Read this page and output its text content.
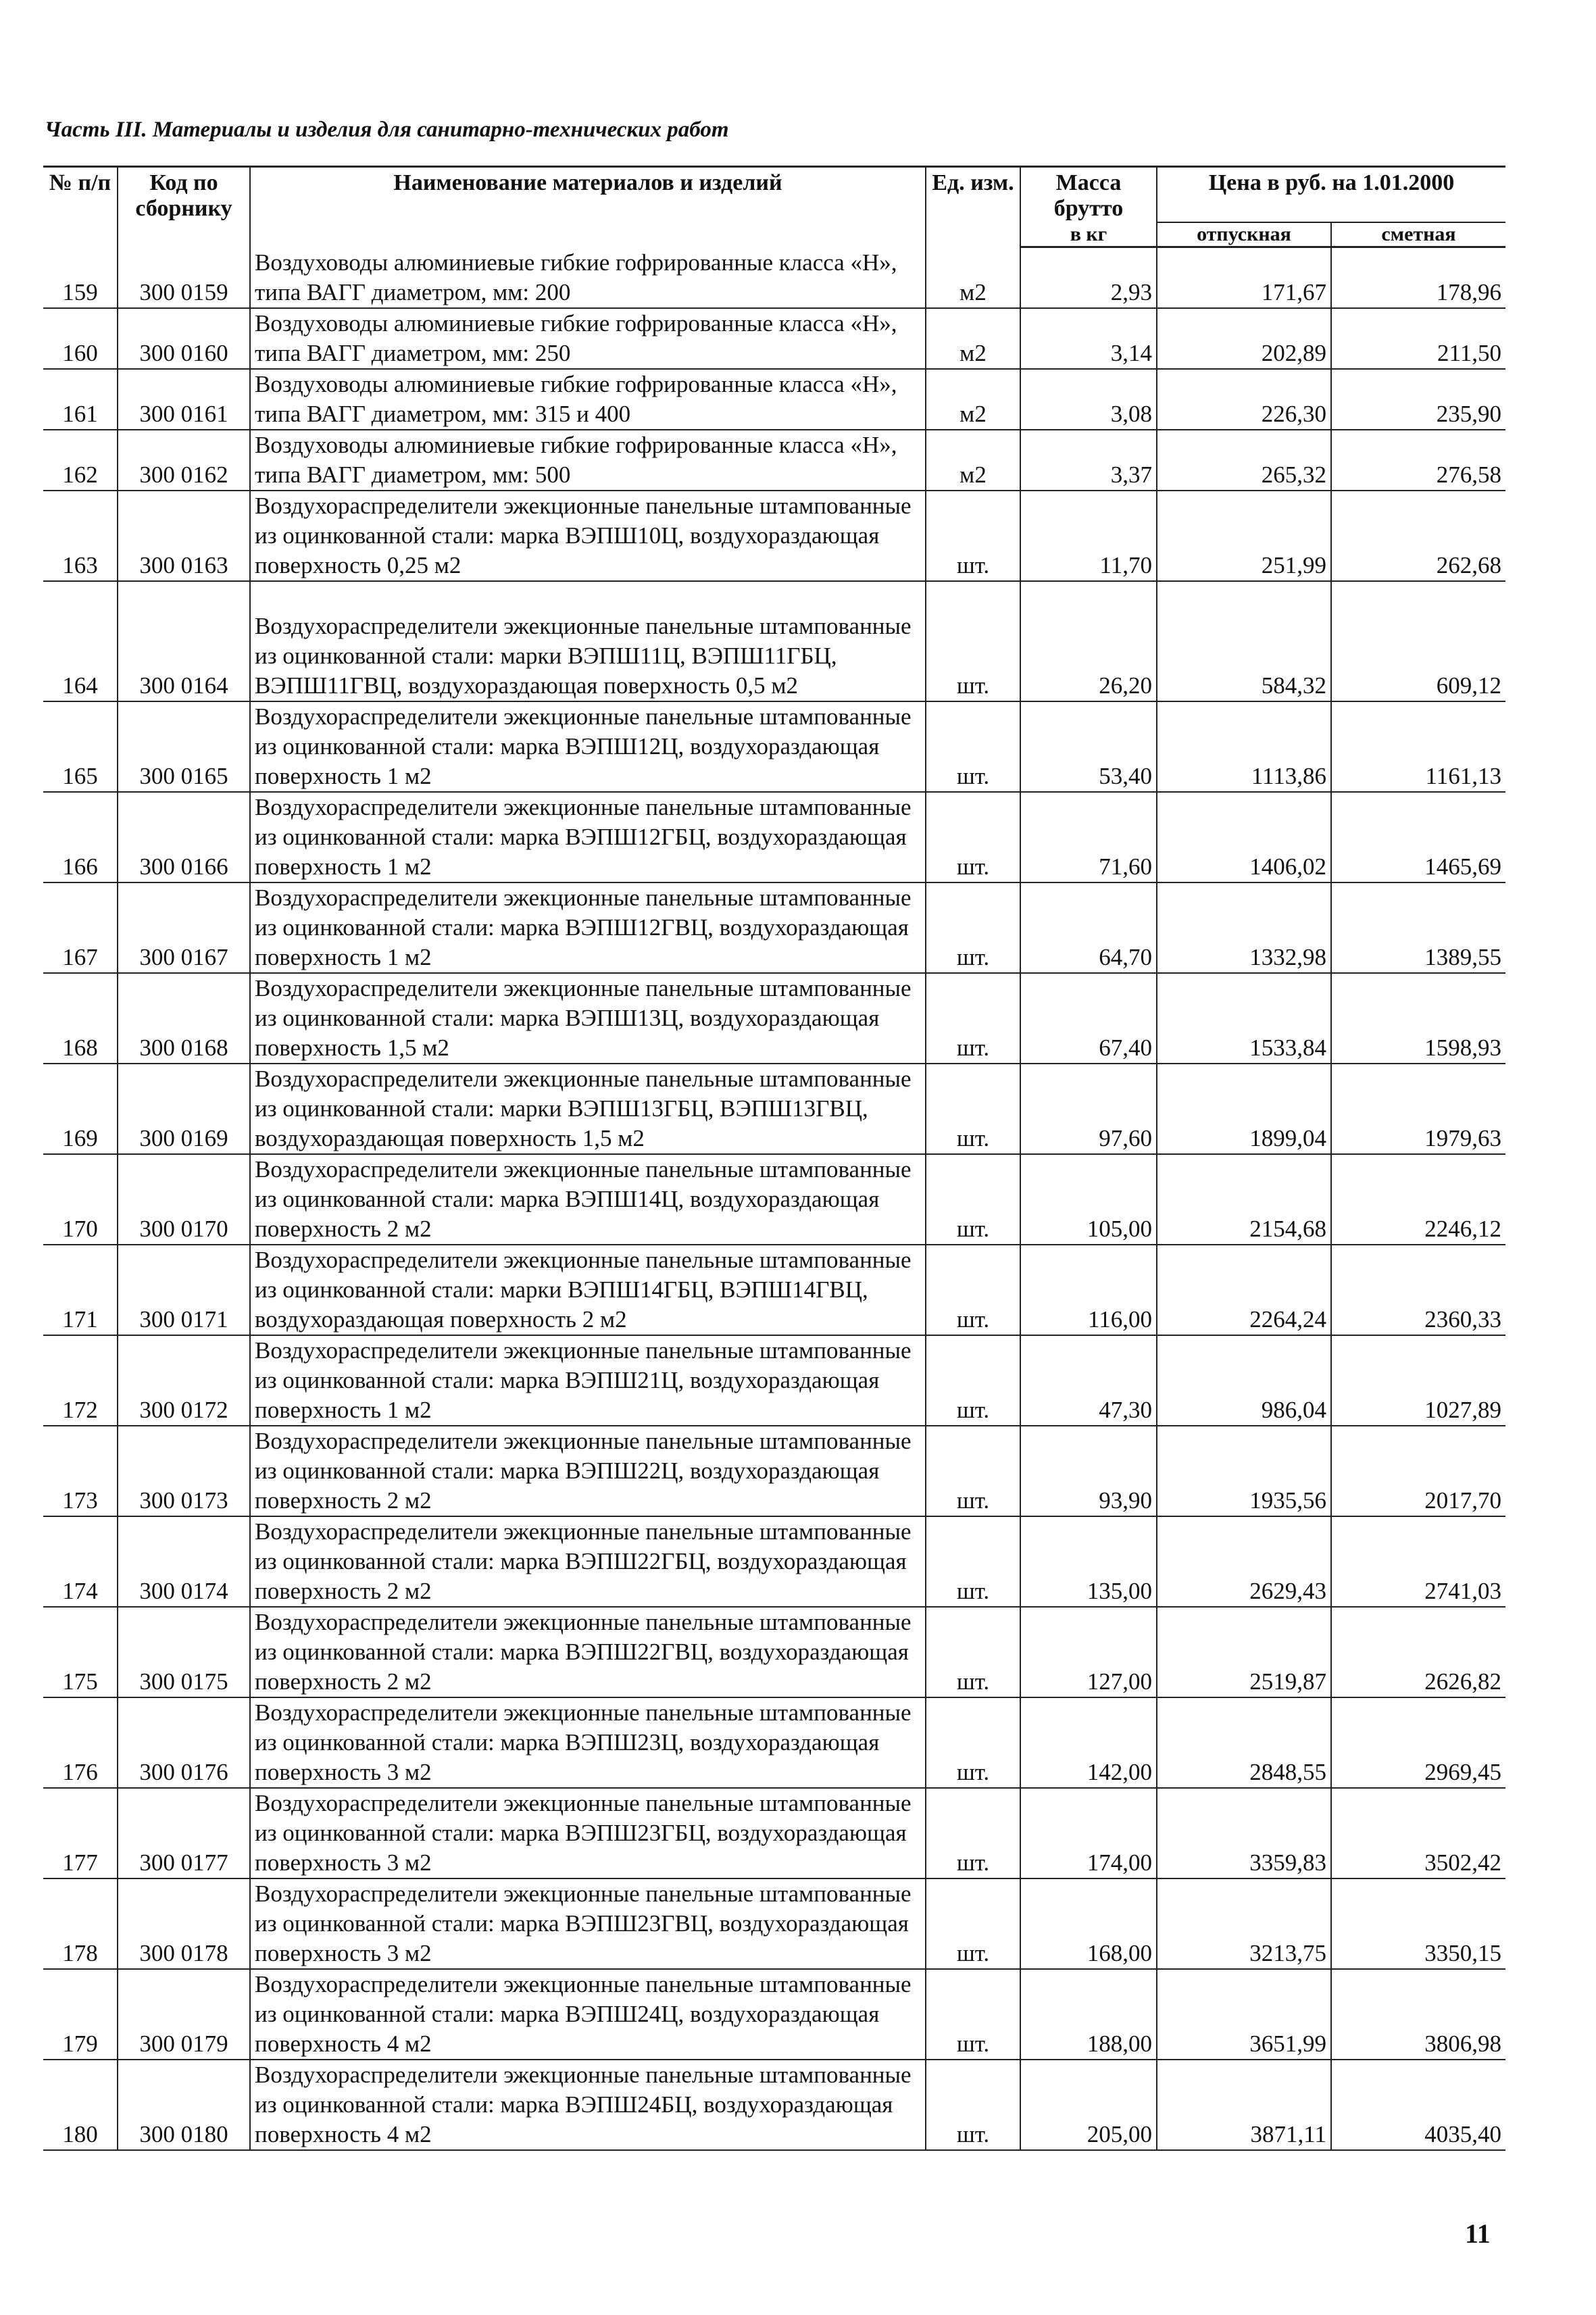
Часть III. Материалы и изделия для санитарно-технических работ
№ п/п	Код по сборнику	Наименование материалов и изделий	Ед. изм.	Масса брутто	Цена в руб. на 1.01.2000	
				в кг	отпускная	сметная
159	300 0159	Воздуховоды алюминиевые гибкие гофрированные класса «Н», типа ВАГГ диаметром, мм: 200	м2	2,93	171,67	178,96
160	300 0160	Воздуховоды алюминиевые гибкие гофрированные класса «Н», типа ВАГГ диаметром, мм: 250	м2	3,14	202,89	211,50
161	300 0161	Воздуховоды алюминиевые гибкие гофрированные класса «Н», типа ВАГГ диаметром, мм: 315 и 400	м2	3,08	226,30	235,90
162	300 0162	Воздуховоды алюминиевые гибкие гофрированные класса «Н», типа ВАГГ диаметром, мм: 500	м2	3,37	265,32	276,58
163	300 0163	Воздухораспределители эжекционные панельные штампованные из оцинкованной стали: марка ВЭПШ10Ц, воздухораздающая поверхность 0,25 м2	шт.	11,70	251,99	262,68
164	300 0164	Воздухораспределители эжекционные панельные штампованные из оцинкованной стали: марки ВЭПШ11Ц, ВЭПШ11ГБЦ, ВЭПШ11ГВЦ, воздухораздающая поверхность 0,5 м2	шт.	26,20	584,32	609,12
165	300 0165	Воздухораспределители эжекционные панельные штампованные из оцинкованной стали: марка ВЭПШ12Ц, воздухораздающая поверхность 1 м2	шт.	53,40	1113,86	1161,13
166	300 0166	Воздухораспределители эжекционные панельные штампованные из оцинкованной стали: марка ВЭПШ12ГБЦ, воздухораздающая поверхность 1 м2	шт.	71,60	1406,02	1465,69
167	300 0167	Воздухораспределители эжекционные панельные штампованные из оцинкованной стали: марка ВЭПШ12ГВЦ, воздухораздающая поверхность 1 м2	шт.	64,70	1332,98	1389,55
168	300 0168	Воздухораспределители эжекционные панельные штампованные из оцинкованной стали: марка ВЭПШ13Ц, воздухораздающая поверхность 1,5 м2	шт.	67,40	1533,84	1598,93
169	300 0169	Воздухораспределители эжекционные панельные штампованные из оцинкованной стали: марки ВЭПШ13ГБЦ, ВЭПШ13ГВЦ, воздухораздающая поверхность 1,5 м2	шт.	97,60	1899,04	1979,63
170	300 0170	Воздухораспределители эжекционные панельные штампованные из оцинкованной стали: марка ВЭПШ14Ц, воздухораздающая поверхность 2 м2	шт.	105,00	2154,68	2246,12
171	300 0171	Воздухораспределители эжекционные панельные штампованные из оцинкованной стали: марки ВЭПШ14ГБЦ, ВЭПШ14ГВЦ, воздухораздающая поверхность 2 м2	шт.	116,00	2264,24	2360,33
172	300 0172	Воздухораспределители эжекционные панельные штампованные из оцинкованной стали: марка ВЭПШ21Ц, воздухораздающая поверхность 1 м2	шт.	47,30	986,04	1027,89
173	300 0173	Воздухораспределители эжекционные панельные штампованные из оцинкованной стали: марка ВЭПШ22Ц, воздухораздающая поверхность 2 м2	шт.	93,90	1935,56	2017,70
174	300 0174	Воздухораспределители эжекционные панельные штампованные из оцинкованной стали: марка ВЭПШ22ГБЦ, воздухораздающая поверхность 2 м2	шт.	135,00	2629,43	2741,03
175	300 0175	Воздухораспределители эжекционные панельные штампованные из оцинкованной стали: марка ВЭПШ22ГВЦ, воздухораздающая поверхность 2 м2	шт.	127,00	2519,87	2626,82
176	300 0176	Воздухораспределители эжекционные панельные штампованные из оцинкованной стали: марка ВЭПШ23Ц, воздухораздающая поверхность 3 м2	шт.	142,00	2848,55	2969,45
177	300 0177	Воздухораспределители эжекционные панельные штампованные из оцинкованной стали: марка ВЭПШ23ГБЦ, воздухораздающая поверхность 3 м2	шт.	174,00	3359,83	3502,42
178	300 0178	Воздухораспределители эжекционные панельные штампованные из оцинкованной стали: марка ВЭПШ23ГВЦ, воздухораздающая поверхность 3 м2	шт.	168,00	3213,75	3350,15
179	300 0179	Воздухораспределители эжекционные панельные штампованные из оцинкованной стали: марка ВЭПШ24Ц, воздухораздающая поверхность 4 м2	шт.	188,00	3651,99	3806,98
180	300 0180	Воздухораспределители эжекционные панельные штампованные из оцинкованной стали: марка ВЭПШ24БЦ, воздухораздающая поверхность 4 м2	шт.	205,00	3871,11	4035,40
11
